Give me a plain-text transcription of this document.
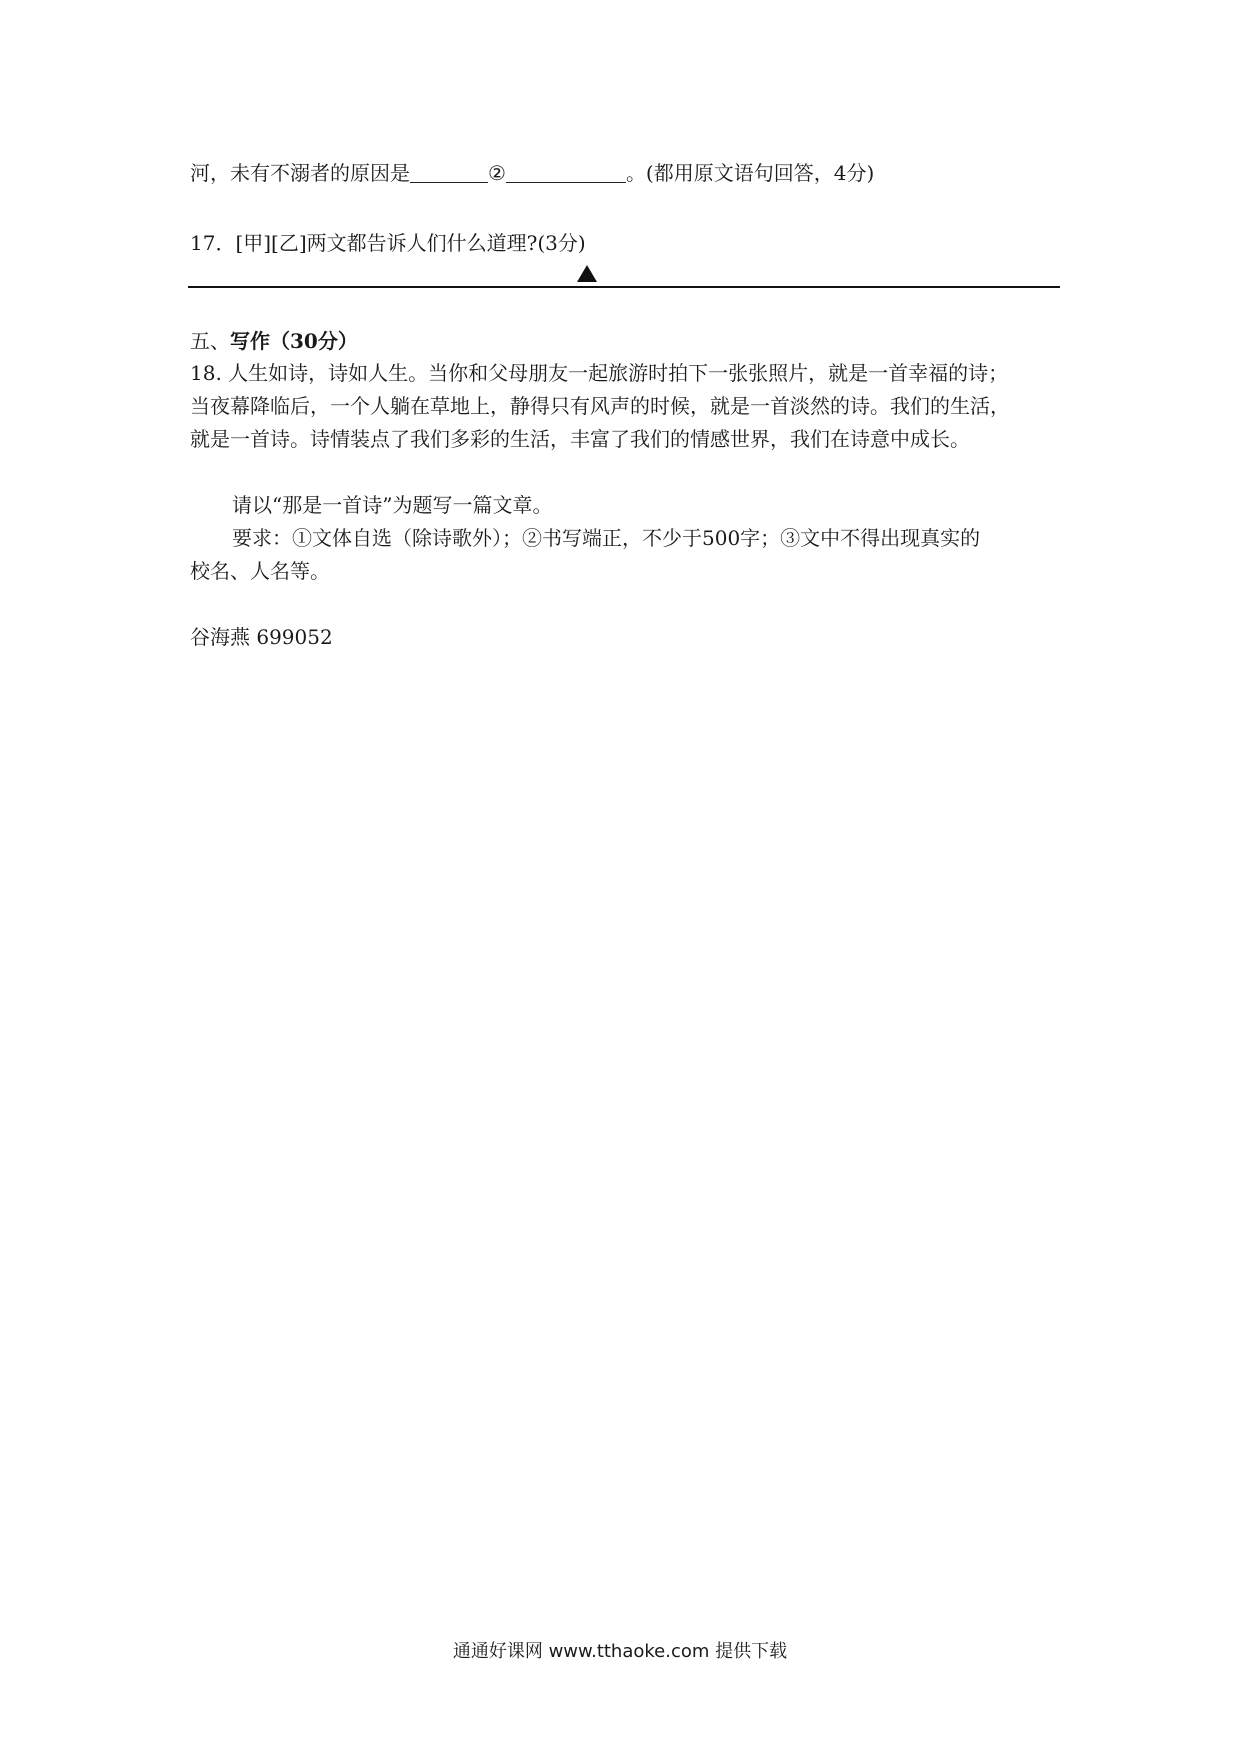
河，未有不溺者的原因是	②	。(都用原文语句回答，4分)
17．[甲][乙]两文都告诉人们什么道理?(3分)
五、写作（30分）
18. 人生如诗，诗如人生。当你和父母朋友一起旅游时拍下一张张照片，就是一首幸福的诗；
当夜幕降临后，一个人躺在草地上，静得只有风声的时候，就是一首淡然的诗。我们的生活，
就是一首诗。诗情装点了我们多彩的生活，丰富了我们的情感世界，我们在诗意中成长。
请以“那是一首诗”为题写一篇文章。
要求：①文体自选（除诗歌外）；②书写端正，不少于500字；③文中不得出现真实的
校名、人名等。
谷海燕 699052
通通好课网 www.tthaoke.com 提供下载
